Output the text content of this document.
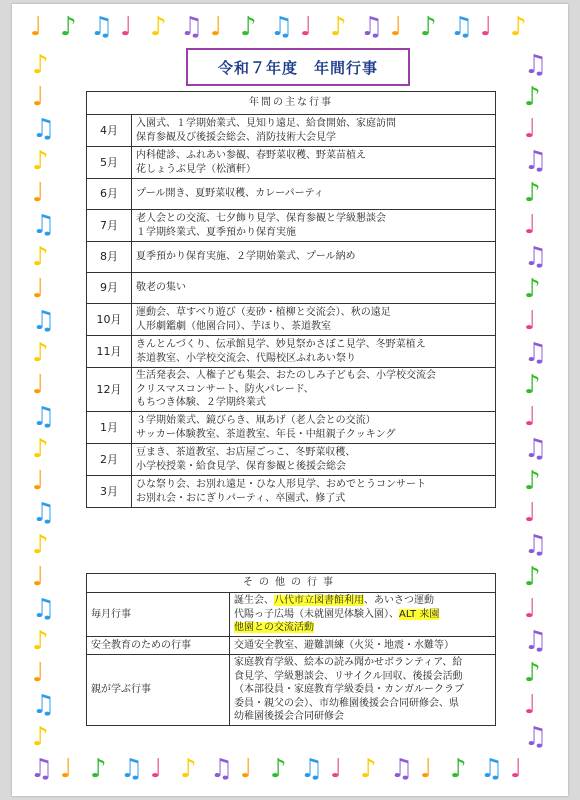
♩ ♪ ♫ ♩ ♪ ♫ ♩ ♪ ♫ ♩ ♪ ♫ ♩ ♪ ♫ ♩ ♪
♫ ♩ ♪ ♫ ♩ ♪ ♫ ♩ ♪ ♫ ♩ ♪ ♫ ♩ ♪ ♫ ♩
♪	♫
♩	♪
♫	♩
♪	♫
♩	♪
♫	♩
♪	♫
♩	♪
♫	♩
♪	♫
♩	♪
♫	♩
♪	♫
♩	♪
♫	♩
♪	♫
♩	♪
♫	♩
♪	♫
♩	♪
♫	♩
♪	♫
令和７年度　年間行事
年間の主な行事	
4月	入園式、１学期始業式、見知り遠足、給食開始、家庭訪問
保育参観及び後援会総会、消防技術大会見学

5月	内科健診、ふれあい参観、春野菜収穫、野菜苗植え
花しょうぶ見学（松濱軒）

6月	プール開き、夏野菜収穫、カレーパーティ

7月	老人会との交流、七夕飾り見学、保育参観と学級懇談会
１学期終業式、夏季預かり保育実施

8月	夏季預かり保育実施、２学期始業式、プール納め

9月	敬老の集い

10月	運動会、草すべり遊び（麦砂・植柳と交流会）、秋の遠足
人形劇鑑劇（他園合同）、芋ほり、茶道教室

11月	きんとんづくり、伝承館見学、妙見祭かさぼこ見学、冬野菜植え
茶道教室、小学校交流会、代陽校区ふれあい祭り

12月	生活発表会、人権子ども集会、おたのしみ子ども会、小学校交流会
クリスマスコンサート、防火パレード、
もちつき体験、２学期終業式

1月	３学期始業式、鏡びらき、凧あげ（老人会との交流）
サッカー体験教室、茶道教室、年長・中組親子クッキング

2月	豆まき、茶道教室、お店屋ごっこ、冬野菜収穫、
小学校授業・給食見学、保育参観と後援会総会

3月	ひな祭り会、お別れ遠足・ひな人形見学、おめでとうコンサート
お別れ会・おにぎりパーティ、卒園式、修了式
その他の行事	
毎月行事	誕生会、八代市立図書館利用、あいさつ運動
代陽っ子広場（未就園児体験入園）、ALT 来園
他園との交流活動

安全教育のための行事	交通安全教室、避難訓練（火災・地震・水難等）
親が学ぶ行事	家庭教育学級、絵本の読み聞かせボランティア、給
食見学、学級懇談会、リサイクル回収、後援会活動
（本部役員・家庭教育学級委員・カンガルークラブ
委員・親父の会）、市幼稚園後援会合同研修会、県
幼稚園後援会合同研修会
